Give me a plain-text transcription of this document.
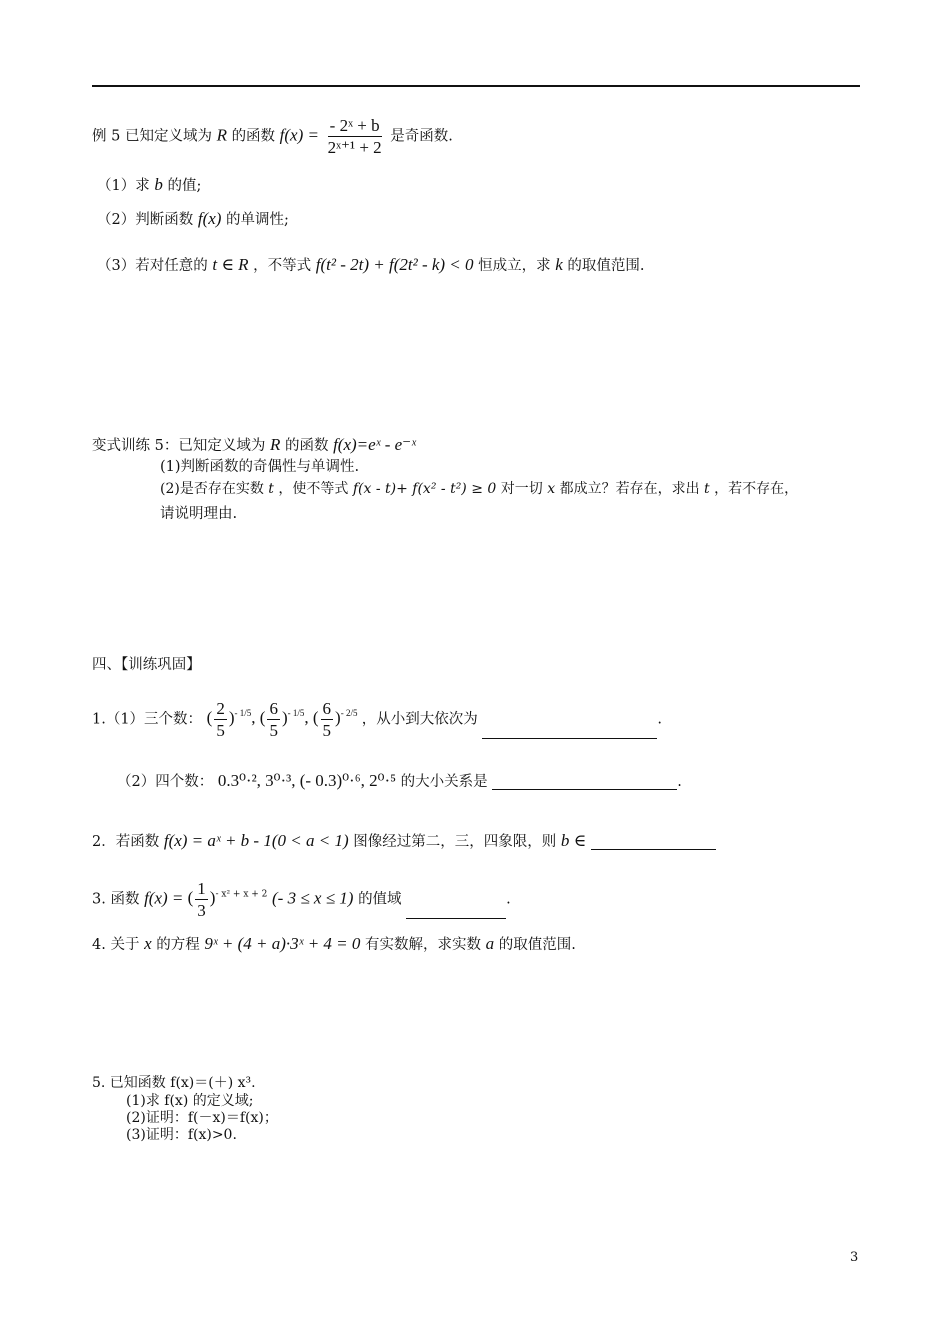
例 5 已知定义域为 R 的函数 $f(x) = \frac{\text{- 2ˣ + b}}{\text{2ˣ⁺¹ + 2}}$ 是奇函数.
（1）求 b 的值;
（2）判断函数 f(x) 的单调性;
（3）若对任意的 t ∈ R ，不等式 f(t² - 2t) + f(2t² - k) < 0 恒成立，求 k 的取值范围.
变式训练 5：已知定义域为 R 的函数 f(x)=eˣ - e⁻ˣ
(1)判断函数的奇偶性与单调性.
(2)是否存在实数 t ，使不等式 f(x - t)+ f(x² - t²) ≥ 0 对一切 x 都成立？若存在，求出 t ，若不存在，
请说明理由.
四、【训练巩固】
1.（1）三个数： ( $\frac{2}{5} )^{- 1/5}$, ( $\frac{6}{5} )^{- 1/5}$, ( $\frac{6}{5} )^{- 2/5}$ ，从小到大依次为	.
（2）四个数： 0.3⁰·², 3⁰·³, (- 0.3)⁰·⁶, 2⁰·⁵ 的大小关系是	.
2．若函数 f(x) = aˣ + b - 1(0 < a < 1) 图像经过第二，三，四象限，则 b ∈
3. 函数 f(x) = ( $\frac{1}{3} )^{- x^2 + x + 2}$ (- 3 ≤ x ≤ 1) 的值域	.
4. 关于 x 的方程 9ˣ + (4 + a)·3ˣ + 4 = 0 有实数解，求实数 a 的取值范围.
5. 已知函数 f(x)＝(＋) x³.
(1)求 f(x) 的定义域;
(2)证明：f(－x)＝f(x)；
(3)证明：f(x)>0.
3
